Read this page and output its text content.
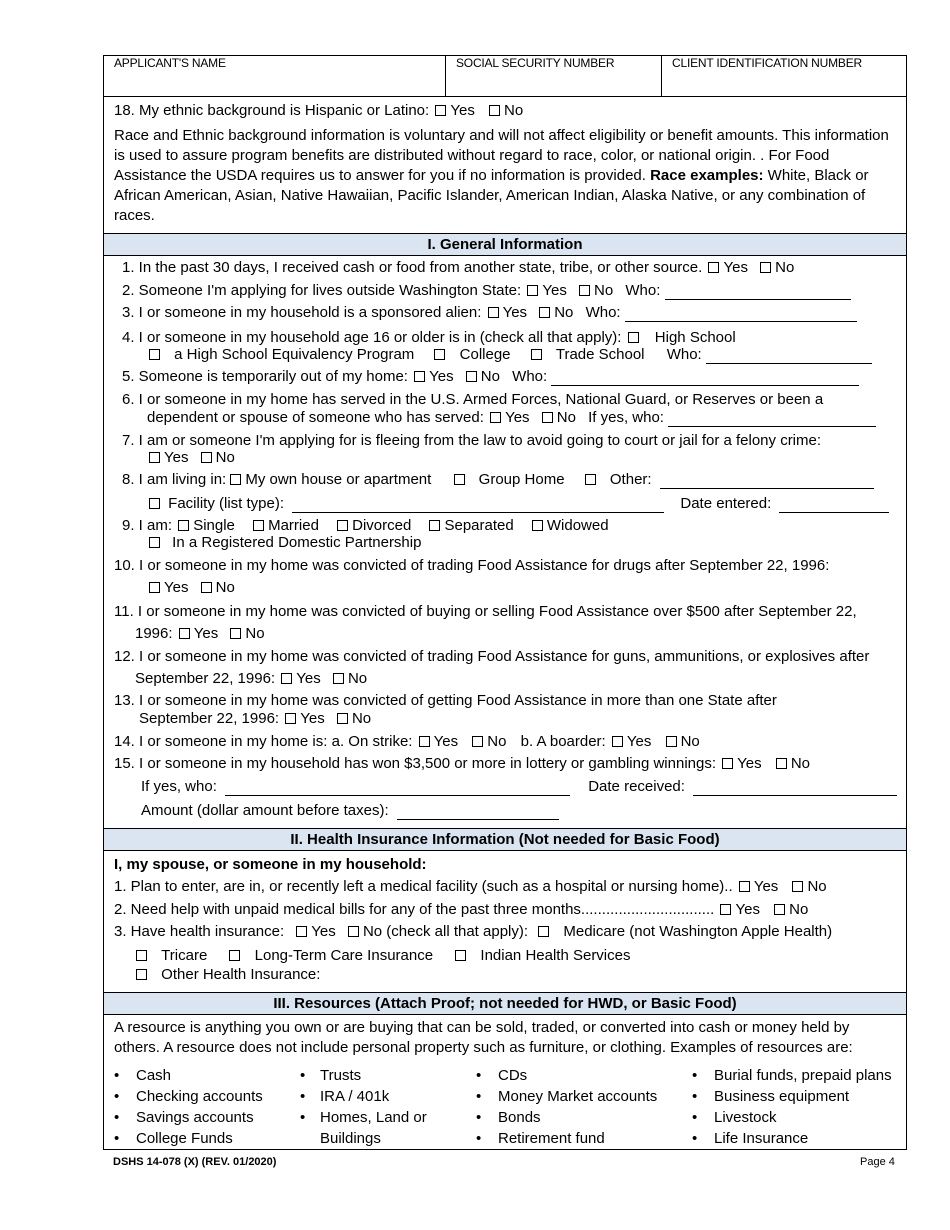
APPLICANT'S NAME	SOCIAL SECURITY NUMBER	CLIENT IDENTIFICATION NUMBER
18. My ethnic background is Hispanic or Latino: Yes No
Race and Ethnic background information is voluntary and will not affect eligibility or benefit amounts. This information is used to assure program benefits are distributed without regard to race, color, or national origin. . For Food Assistance the USDA requires us to answer for you if no information is provided. Race examples: White, Black or African American, Asian, Native Hawaiian, Pacific Islander, American Indian, Alaska Native, or any combination of races.
I. General Information
1. In the past 30 days, I received cash or food from another state, tribe, or other source. Yes No
2. Someone I'm applying for lives outside Washington State: Yes No Who:
3. I or someone in my household is a sponsored alien: Yes No Who:
4. I or someone in my household age 16 or older is in (check all that apply): High School
a High School Equivalency Program	College	Trade School Who:
5. Someone is temporarily out of my home: Yes No Who:
6. I or someone in my home has served in the U.S. Armed Forces, National Guard, or Reserves or been a
dependent or spouse of someone who has served: Yes No If yes, who:
7. I am or someone I'm applying for is fleeing from the law to avoid going to court or jail for a felony crime:
Yes No
8. I am living in: My own house or apartment	Group Home	Other:
Facility (list type):	Date entered:
9. I am: Single Married Divorced Separated Widowed
In a Registered Domestic Partnership
10. I or someone in my home was convicted of trading Food Assistance for drugs after September 22, 1996:
Yes No
11. I or someone in my home was convicted of buying or selling Food Assistance over $500 after September 22,
1996: Yes No
12. I or someone in my home was convicted of trading Food Assistance for guns, ammunitions, or explosives after
September 22, 1996: Yes No
13. I or someone in my home was convicted of getting Food Assistance in more than one State after
September 22, 1996: Yes No
14. I or someone in my home is: a. On strike: Yes No b. A boarder: Yes No
15. I or someone in my household has won $3,500 or more in lottery or gambling winnings: Yes No
If yes, who:	Date received:
Amount (dollar amount before taxes):
II. Health Insurance Information (Not needed for Basic Food)
I, my spouse, or someone in my household:
1. Plan to enter, are in, or recently left a medical facility (such as a hospital or nursing home).. Yes No
2. Need help with unpaid medical bills for any of the past three months................................ Yes No
3. Have health insurance: Yes No (check all that apply): Medicare (not Washington Apple Health)
Tricare	Long-Term Care Insurance	Indian Health Services
Other Health Insurance:
III. Resources (Attach Proof; not needed for HWD, or Basic Food)
A resource is anything you own or are buying that can be sold, traded, or converted into cash or money held by others. A resource does not include personal property such as furniture, or clothing. Examples of resources are:
• Cash
• Checking accounts
• Savings accounts
• College Funds
• Trusts
• IRA / 401k
• Homes, Land or
Buildings
• CDs
• Money Market accounts
• Bonds
• Retirement fund
• Burial funds, prepaid plans
• Business equipment
• Livestock
• Life Insurance
DSHS 14-078 (X) (REV. 01/2020)	Page 4
